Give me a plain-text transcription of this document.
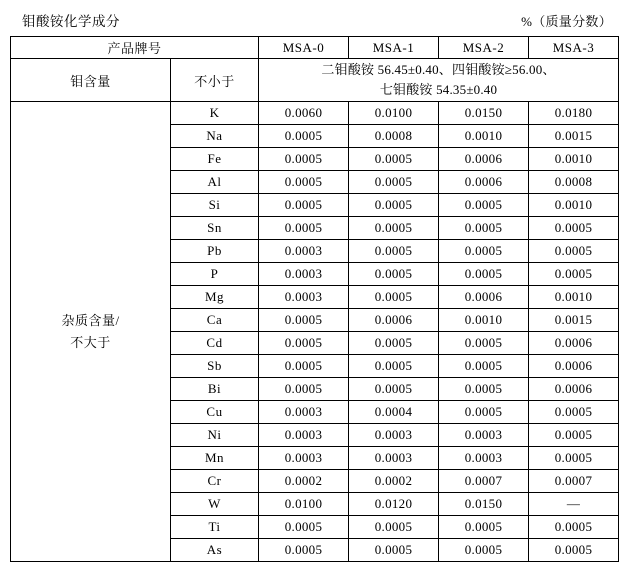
钼酸铵化学成分	%（质量分数）
产品牌号		MSA-0	MSA-1	MSA-2	MSA-3
钼含量	不小于	二钼酸铵 56.45±0.40、四钼酸铵≥56.00、
七钼酸铵 54.35±0.40			

杂质含量/
不大于	K	0.0060	0.0100	0.0150	0.0180
	Na	0.0005	0.0008	0.0010	0.0015
	Fe	0.0005	0.0005	0.0006	0.0010
	Al	0.0005	0.0005	0.0006	0.0008
	Si	0.0005	0.0005	0.0005	0.0010
	Sn	0.0005	0.0005	0.0005	0.0005
	Pb	0.0003	0.0005	0.0005	0.0005
	P	0.0003	0.0005	0.0005	0.0005
	Mg	0.0003	0.0005	0.0006	0.0010
	Ca	0.0005	0.0006	0.0010	0.0015
	Cd	0.0005	0.0005	0.0005	0.0006
	Sb	0.0005	0.0005	0.0005	0.0006
	Bi	0.0005	0.0005	0.0005	0.0006
	Cu	0.0003	0.0004	0.0005	0.0005
	Ni	0.0003	0.0003	0.0003	0.0005
	Mn	0.0003	0.0003	0.0003	0.0005
	Cr	0.0002	0.0002	0.0007	0.0007
	W	0.0100	0.0120	0.0150	—
	Ti	0.0005	0.0005	0.0005	0.0005
	As	0.0005	0.0005	0.0005	0.0005
